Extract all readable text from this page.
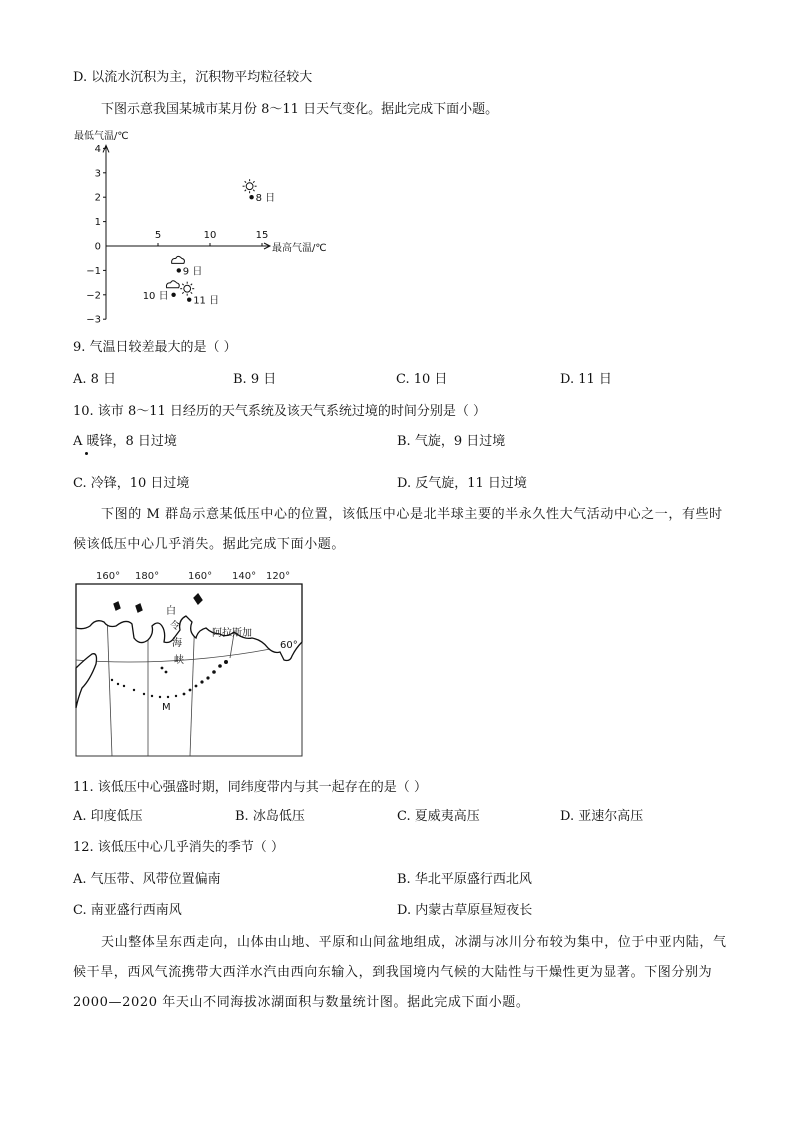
D. 以流水沉积为主，沉积物平均粒径较大
下图示意我国某城市某月份 8～11 日天气变化。据此完成下面小题。
最低气温/℃
最高气温/℃
4
3
2
1
−1
−2
−3
0
5	10	15
8 日
9 日
10 日 11 日
9. 气温日较差最大的是（ ）
A. 8 日	B. 9 日	C. 10 日	D. 11 日
10. 该市 8～11 日经历的天气系统及该天气系统过境的时间分别是（ ）
A 暖锋，8 日过境	B. 气旋，9 日过境
C. 冷锋，10 日过境	D. 反气旋，11 日过境
下图的 M 群岛示意某低压中心的位置，该低压中心是北半球主要的半永久性大气活动中心之一，有些时候该低压中心几乎消失。据此完成下面小题。
160° 180°	160° 140° 120°
白
令
海
峡
阿拉斯加
60°
M
11. 该低压中心强盛时期，同纬度带内与其一起存在的是（ ）
A. 印度低压	B. 冰岛低压	C. 夏威夷高压	D. 亚速尔高压
12. 该低压中心几乎消失的季节（ ）
A. 气压带、风带位置偏南	B. 华北平原盛行西北风
C. 南亚盛行西南风	D. 内蒙古草原昼短夜长
天山整体呈东西走向，山体由山地、平原和山间盆地组成，冰湖与冰川分布较为集中，位于中亚内陆，气候干旱，西风气流携带大西洋水汽由西向东输入，到我国境内气候的大陆性与干燥性更为显著。下图分别为2000—2020 年天山不同海拔冰湖面积与数量统计图。据此完成下面小题。
